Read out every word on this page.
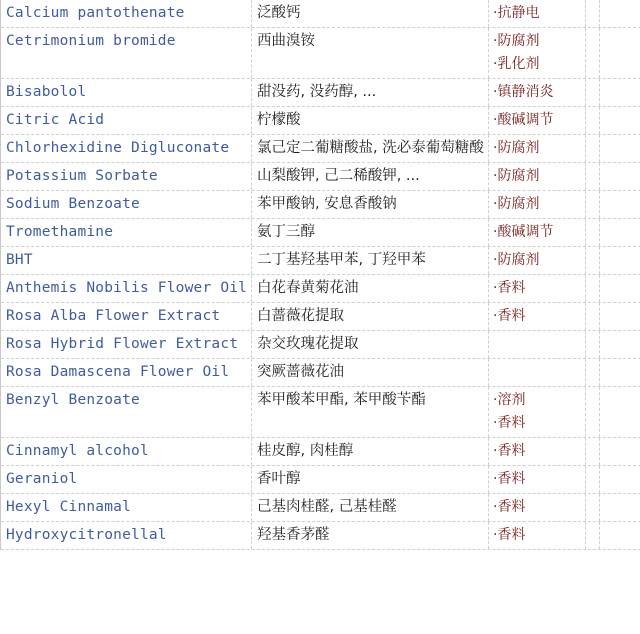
Calcium pantothenate	泛酸钙	·抗静电
Cetrimonium bromide	西曲溴铵	·防腐剂
·乳化剂
Bisabolol	甜没药, 没药醇, ...	·镇静消炎
Citric Acid	柠檬酸	·酸碱调节
Chlorhexidine Digluconate	氯己定二葡糖酸盐, 洗必泰葡萄糖酸 ·防腐剂
Potassium Sorbate	山梨酸钾, 己二稀酸钾, ...	·防腐剂
Sodium Benzoate	苯甲酸钠, 安息香酸钠	·防腐剂
Tromethamine	氨丁三醇	·酸碱调节
BHT	二丁基羟基甲苯, 丁羟甲苯	·防腐剂
Anthemis Nobilis Flower Oil 白花春黄菊花油	·香料
Rosa Alba Flower Extract	白蔷薇花提取	·香料
Rosa Hybrid Flower Extract	杂交玫瑰花提取
Rosa Damascena Flower Oil	突厥蔷薇花油
Benzyl Benzoate	苯甲酸苯甲酯, 苯甲酸苄酯	·溶剂
·香料
Cinnamyl alcohol	桂皮醇, 肉桂醇	·香料
Geraniol	香叶醇	·香料
Hexyl Cinnamal	己基肉桂醛, 己基桂醛	·香料
Hydroxycitronellal	羟基香茅醛	·香料
